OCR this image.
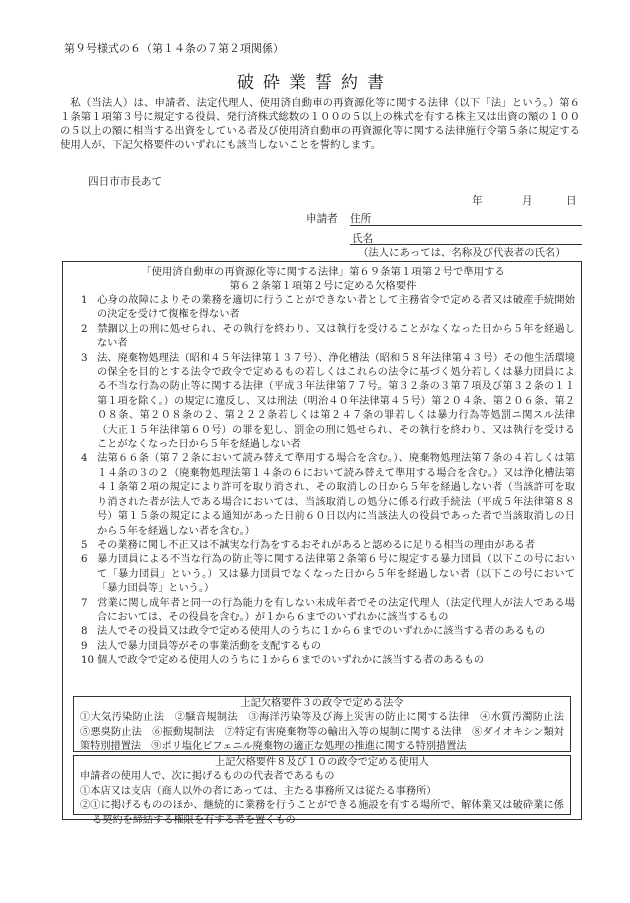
第９号様式の６（第１４条の７第２項関係）
破砕業誓約書

私（当法人）は、申請者、法定代理人、使用済自動車の再資源化等に関する法律（以下「法」という。）第６１条第１項第３号に規定する役員、発行済株式総数の１００の５以上の株式を有する株主又は出資の額の１００の５以上の額に相当する出資をしている者及び使用済自動車の再資源化等に関する法律施行令第５条に規定する使用人が、下記欠格要件のいずれにも該当しないことを誓約します。

四日市市長あて
年	月	日
申請者 住所
氏名
（法人にあっては、名称及び代表者の氏名）
「使用済自動車の再資源化等に関する法律」第６９条第１項第２号で準用する
第６２条第１項第２号に定める欠格要件
1 心身の故障によりその業務を適切に行うことができない者として主務省令で定める者又は破産手続開始の決定を受けて復権を得ない者
2 禁錮以上の刑に処せられ、その執行を終わり、又は執行を受けることがなくなった日から５年を経過しない者
3 法、廃棄物処理法（昭和４５年法律第１３７号）、浄化槽法（昭和５８年法律第４３号）その他生活環境の保全を目的とする法令で政令で定めるもの若しくはこれらの法令に基づく処分若しくは暴力団員による不当な行為の防止等に関する法律（平成３年法律第７７号。第３２条の３第７項及び第３２条の１１第１項を除く。）の規定に違反し、又は刑法（明治４０年法律第４５号）第２０４条、第２０６条、第２０８条、第２０８条の２、第２２２条若しくは第２４７条の罪若しくは暴力行為等処罰ニ関スル法律（大正１５年法律第６０号）の罪を犯し、罰金の刑に処せられ、その執行を終わり、又は執行を受けることがなくなった日から５年を経過しない者
4 法第６６条（第７２条において読み替えて準用する場合を含む。）、廃棄物処理法第７条の４若しくは第１４条の３の２（廃棄物処理法第１４条の６において読み替えて準用する場合を含む。）又は浄化槽法第４１条第２項の規定により許可を取り消され、その取消しの日から５年を経過しない者（当該許可を取り消された者が法人である場合においては、当該取消しの処分に係る行政手続法（平成５年法律第８８号）第１５条の規定による通知があった日前６０日以内に当該法人の役員であった者で当該取消しの日から５年を経過しない者を含む。）
5 その業務に関し不正又は不誠実な行為をするおそれがあると認めるに足りる相当の理由がある者
6 暴力団員による不当な行為の防止等に関する法律第２条第６号に規定する暴力団員（以下この号において「暴力団員」という。）又は暴力団員でなくなった日から５年を経過しない者（以下この号において「暴力団員等」という。）
7 営業に関し成年者と同一の行為能力を有しない未成年者でその法定代理人（法定代理人が法人である場合においては、その役員を含む。）が１から６までのいずれかに該当するもの
8 法人でその役員又は政令で定める使用人のうちに１から６までのいずれかに該当する者のあるもの
9 法人で暴力団員等がその事業活動を支配するもの
10 個人で政令で定める使用人のうちに１から６までのいずれかに該当する者のあるもの
上記欠格要件３の政令で定める法令

①大気汚染防止法　②騒音規制法　③海洋汚染等及び海上災害の防止に関する法律　④水質汚濁防止法　⑤悪臭防止法　⑥振動規制法　⑦特定有害廃棄物等の輸出入等の規制に関する法律　⑧ダイオキシン類対策特別措置法　⑨ポリ塩化ビフェニル廃棄物の適正な処理の推進に関する特別措置法

上記欠格要件８及び１０の政令で定める使用人

申請者の使用人で、次に掲げるものの代表者であるもの

①本店又は支店（商人以外の者にあっては、主たる事務所又は従たる事務所）

②①に掲げるもののほか、継続的に業務を行うことができる施設を有する場所で、解体業又は破砕業に係る契約を締結する権限を有する者を置くもの
